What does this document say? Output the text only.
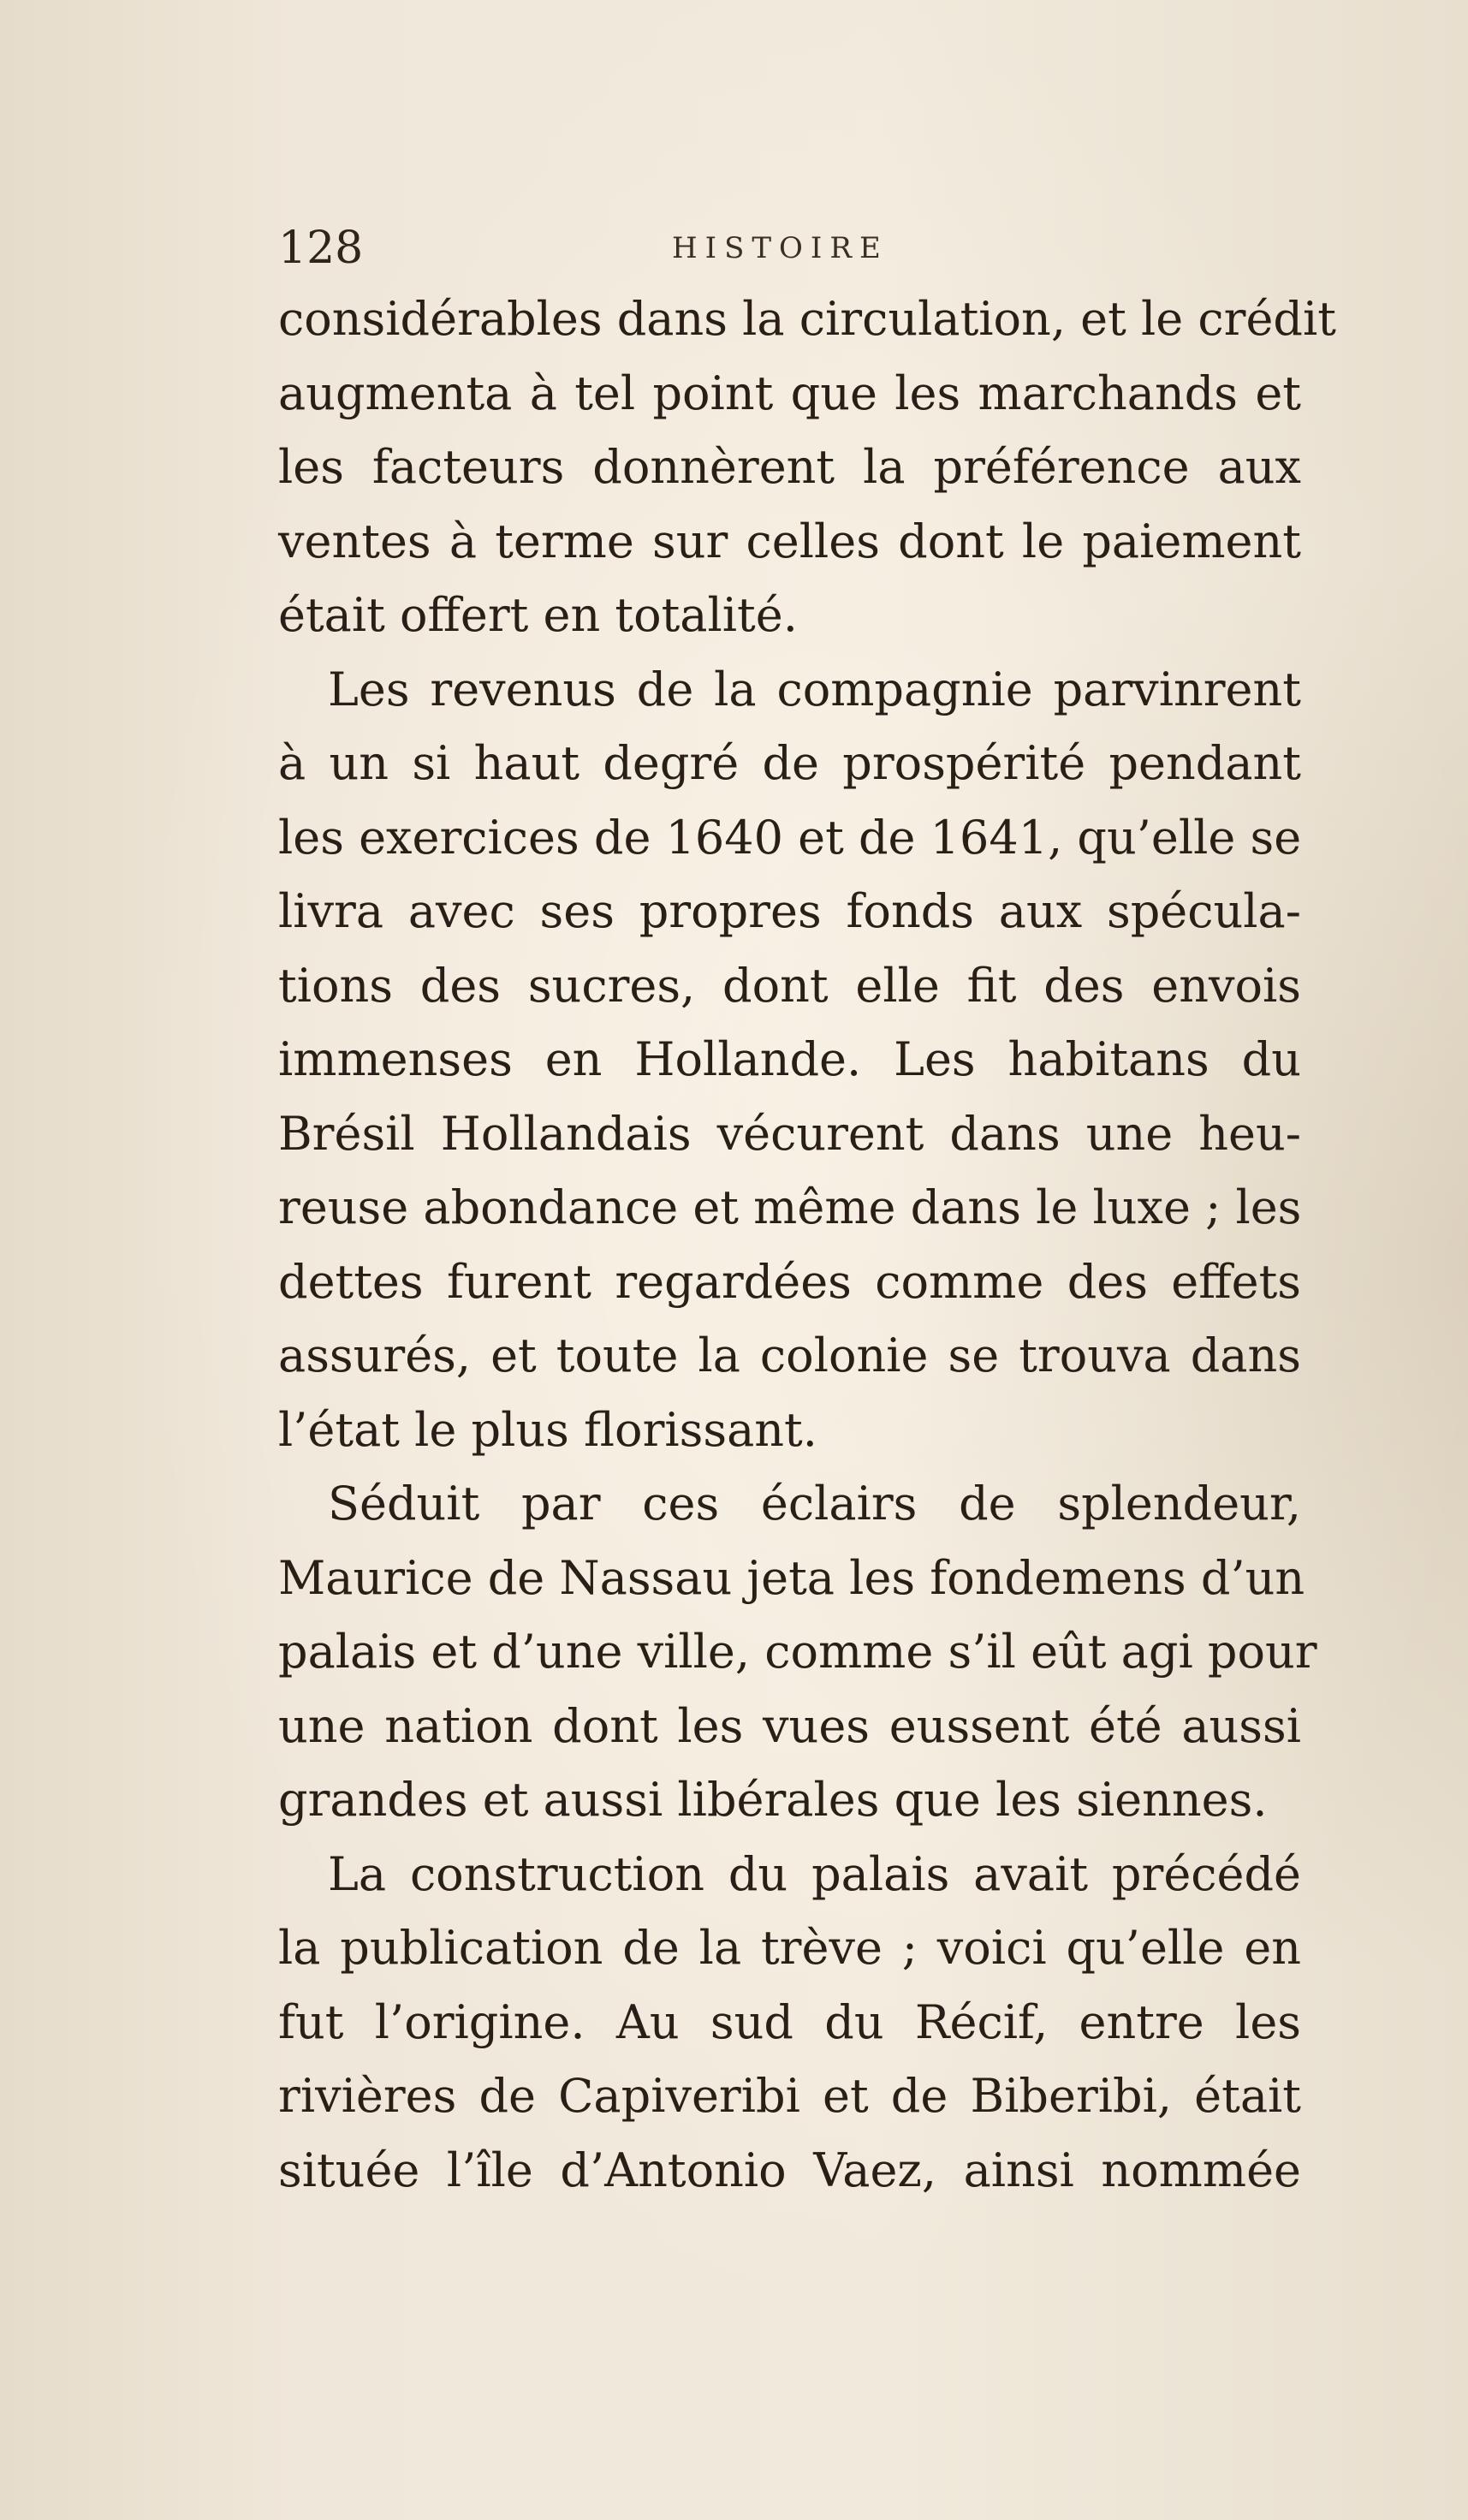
128	HISTOIRE
considérables dans la circulation, et le crédit
augmenta à tel point que les marchands et
les facteurs donnèrent la préférence aux
ventes à terme sur celles dont le paiement
était offert en totalité.
Les revenus de la compagnie parvinrent
à un si haut degré de prospérité pendant
les exercices de 1640 et de 1641, qu’elle se
livra avec ses propres fonds aux spécula-
tions des sucres, dont elle fit des envois
immenses en Hollande. Les habitans du
Brésil Hollandais vécurent dans une heu-
reuse abondance et même dans le luxe ; les
dettes furent regardées comme des effets
assurés, et toute la colonie se trouva dans
l’état le plus florissant.
Séduit par ces éclairs de splendeur,
Maurice de Nassau jeta les fondemens d’un
palais et d’une ville, comme s’il eût agi pour
une nation dont les vues eussent été aussi
grandes et aussi libérales que les siennes.
La construction du palais avait précédé
la publication de la trève ; voici qu’elle en
fut l’origine. Au sud du Récif, entre les
rivières de Capiveribi et de Biberibi, était
située l’île d’Antonio Vaez, ainsi nommée
